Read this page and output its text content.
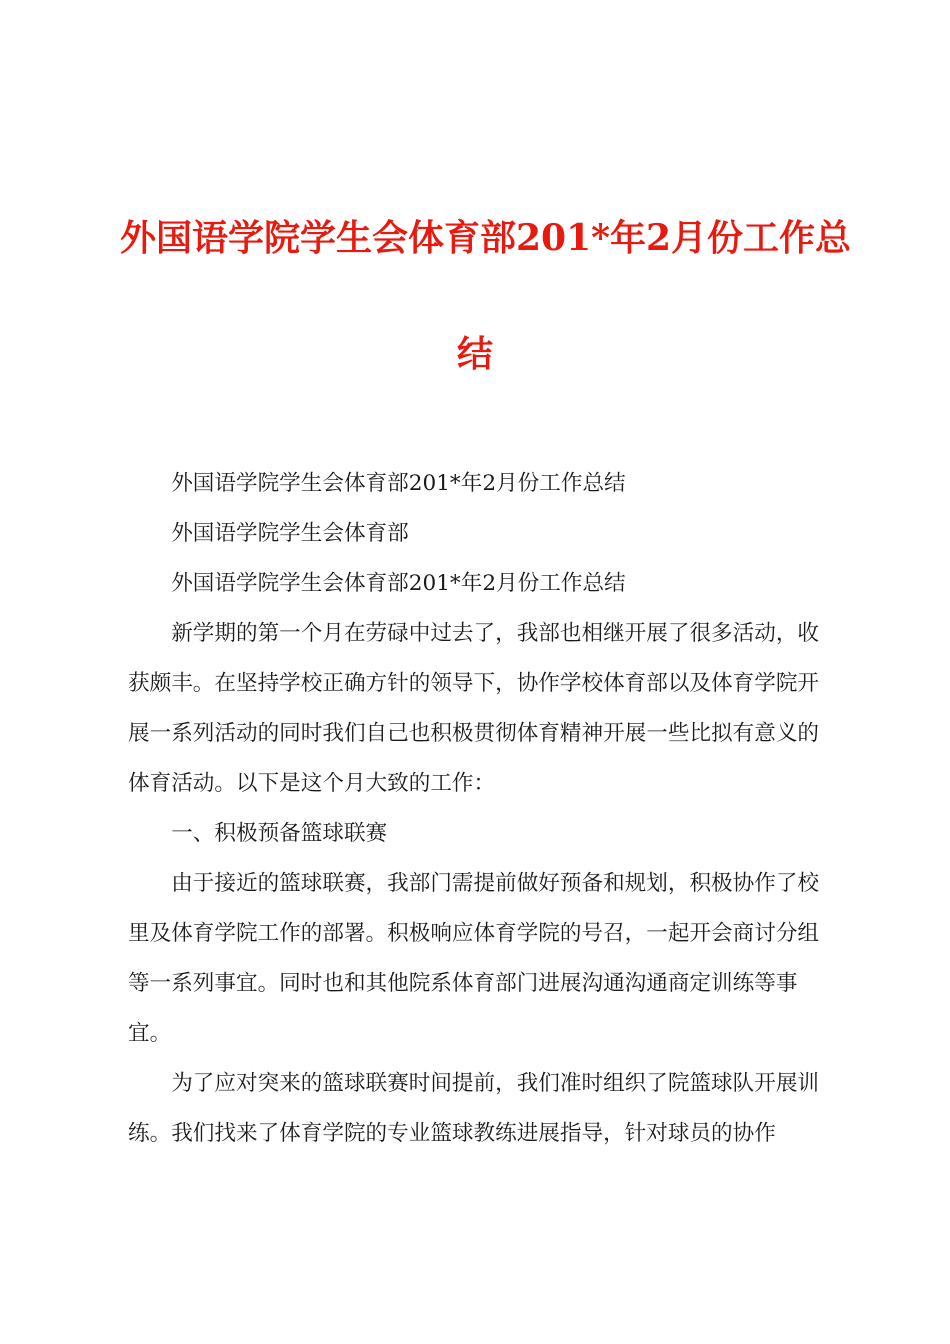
外国语学院学生会体育部201*年2月份工作总
结

外国语学院学生会体育部201*年2月份工作总结

外国语学院学生会体育部

外国语学院学生会体育部201*年2月份工作总结

新学期的第一个月在劳碌中过去了，我部也相继开展了很多活动，收获颇丰。在坚持学校正确方针的领导下，协作学校体育部以及体育学院开展一系列活动的同时我们自己也积极贯彻体育精神开展一些比拟有意义的体育活动。以下是这个月大致的工作：

一、积极预备篮球联赛

由于接近的篮球联赛，我部门需提前做好预备和规划，积极协作了校里及体育学院工作的部署。积极响应体育学院的号召，一起开会商讨分组等一系列事宜。同时也和其他院系体育部门进展沟通沟通商定训练等事宜。

为了应对突来的篮球联赛时间提前，我们准时组织了院篮球队开展训练。我们找来了体育学院的专业篮球教练进展指导，针对球员的协作
